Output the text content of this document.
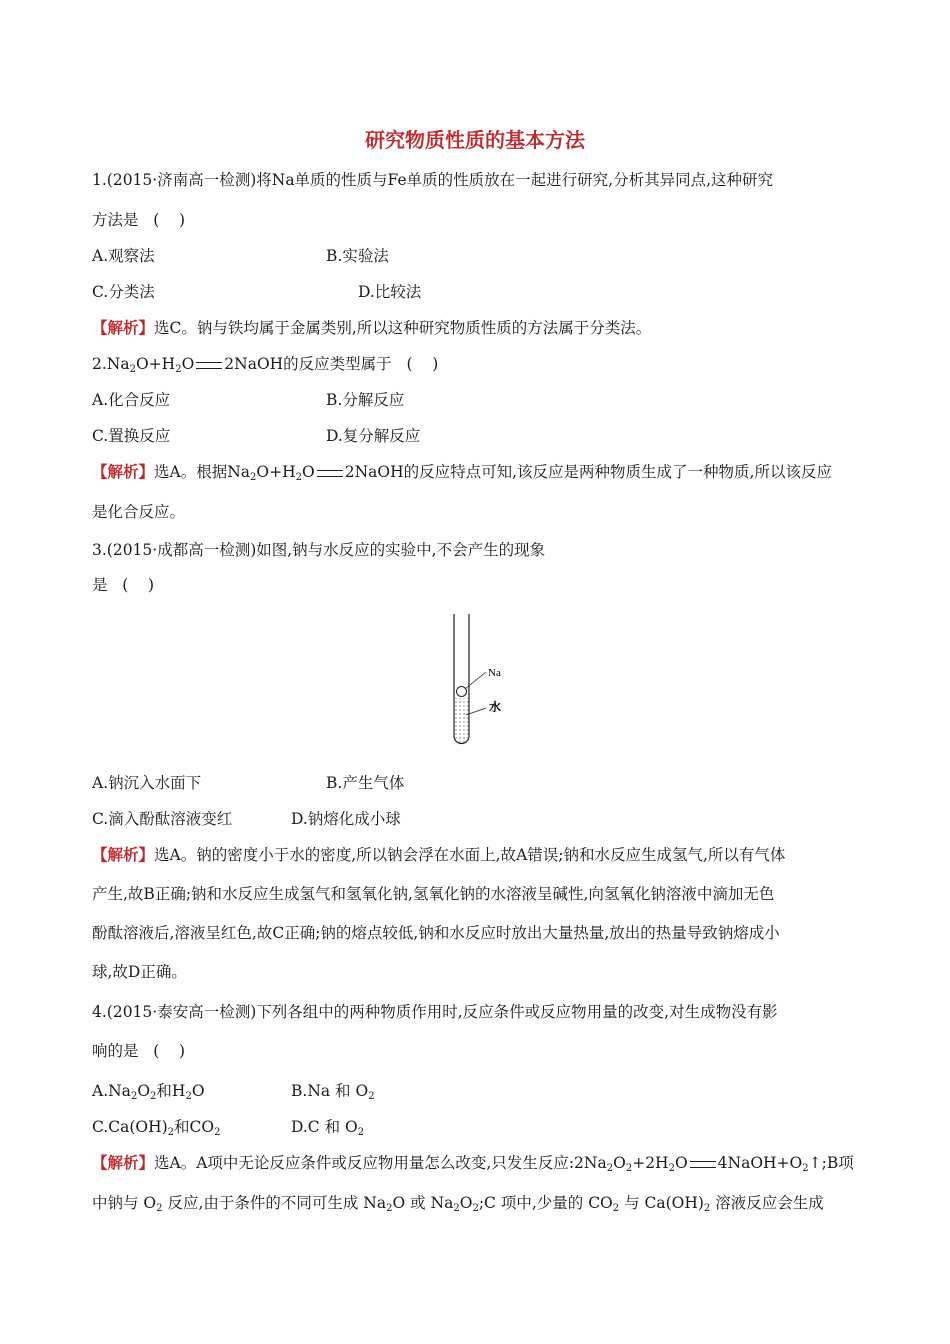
研究物质性质的基本方法
1.(2015·济南高一检测)将Na单质的性质与Fe单质的性质放在一起进行研究,分析其异同点,这种研究
方法是   (    )
A.观察法	B.实验法
C.分类法	D.比较法
【解析】选C。钠与铁均属于金属类别,所以这种研究物质性质的方法属于分类法。
$2.Na_2O+H_2O$ 2NaOH的反应类型属于   (    )
A.化合反应	B.分解反应
C.置换反应	D.复分解反应
【解析】选A。根据$Na_2O+H_2O$ 2NaOH的反应特点可知,该反应是两种物质生成了一种物质,所以该反应
是化合反应。
3.(2015·成都高一检测)如图,钠与水反应的实验中,不会产生的现象
是   (    )
Na
水
A.钠沉入水面下	B.产生气体
C.滴入酚酞溶液变红	D.钠熔化成小球
【解析】选A。钠的密度小于水的密度,所以钠会浮在水面上,故A错误;钠和水反应生成氢气,所以有气体
产生,故B正确;钠和水反应生成氢气和氢氧化钠,氢氧化钠的水溶液呈碱性,向氢氧化钠溶液中滴加无色
酚酞溶液后,溶液呈红色,故C正确;钠的熔点较低,钠和水反应时放出大量热量,放出的热量导致钠熔成小
球,故D正确。
4.(2015·泰安高一检测)下列各组中的两种物质作用时,反应条件或反应物用量的改变,对生成物没有影
响的是   (    )
$A.Na_2O_2$和$H_2O$	B.Na 和 $O_2$
$C.Ca(OH)_2$和$CO_2$	D.C 和 $O_2$
【解析】选A。A项中无论反应条件或反应物用量怎么改变,只发生反应$:2Na_2O_2+2H_2O$ $4NaOH+O_2↑;B$项
中钠与 $O_2$ 反应,由于条件的不同可生成 $Na_2O$ 或 $Na_2O_2;C$ 项中,少量的 $CO_2$ 与 $Ca(OH)_2$ 溶液反应会生成
